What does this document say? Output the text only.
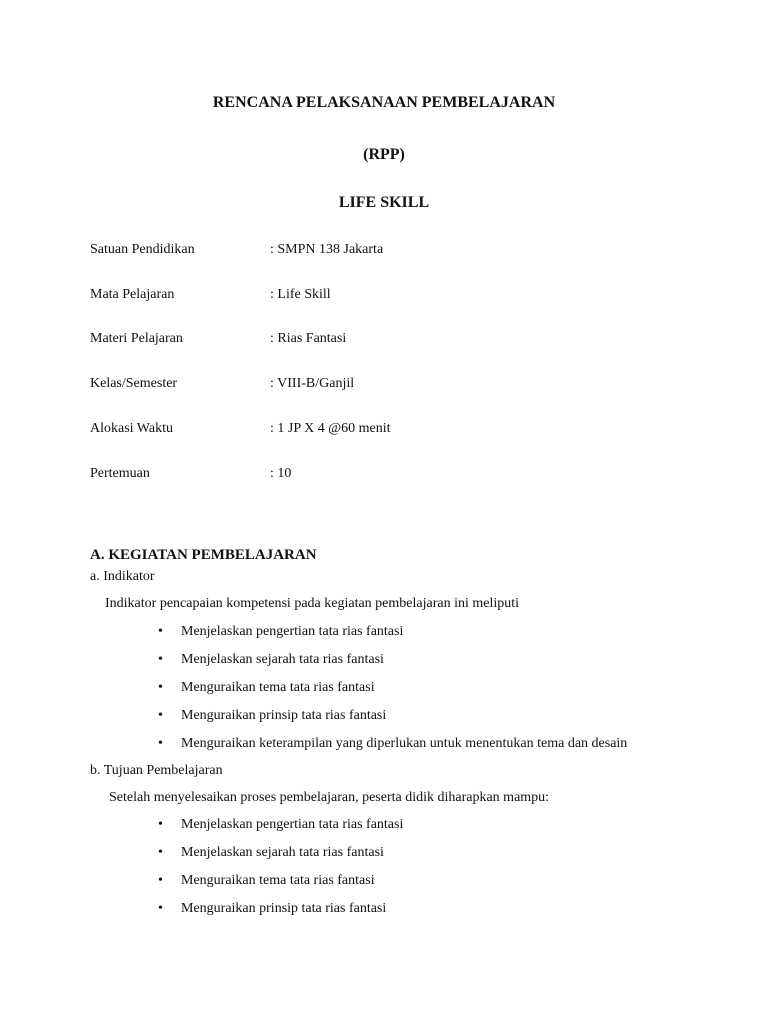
RENCANA PELAKSANAAN PEMBELAJARAN
(RPP)
LIFE SKILL
Satuan Pendidikan	: SMPN 138 Jakarta
Mata Pelajaran	: Life Skill
Materi Pelajaran	: Rias Fantasi
Kelas/Semester	: VIII-B/Ganjil
Alokasi Waktu	: 1 JP X 4 @60 menit
Pertemuan	: 10
A. KEGIATAN PEMBELAJARAN
a. Indikator
Indikator pencapaian kompetensi pada kegiatan pembelajaran ini meliputi
• Menjelaskan pengertian tata rias fantasi
• Menjelaskan sejarah tata rias fantasi
• Menguraikan tema tata rias fantasi
• Menguraikan prinsip tata rias fantasi
• Menguraikan keterampilan yang diperlukan untuk menentukan tema dan desain
b. Tujuan Pembelajaran
Setelah menyelesaikan proses pembelajaran, peserta didik diharapkan mampu:
• Menjelaskan pengertian tata rias fantasi
• Menjelaskan sejarah tata rias fantasi
• Menguraikan tema tata rias fantasi
• Menguraikan prinsip tata rias fantasi
